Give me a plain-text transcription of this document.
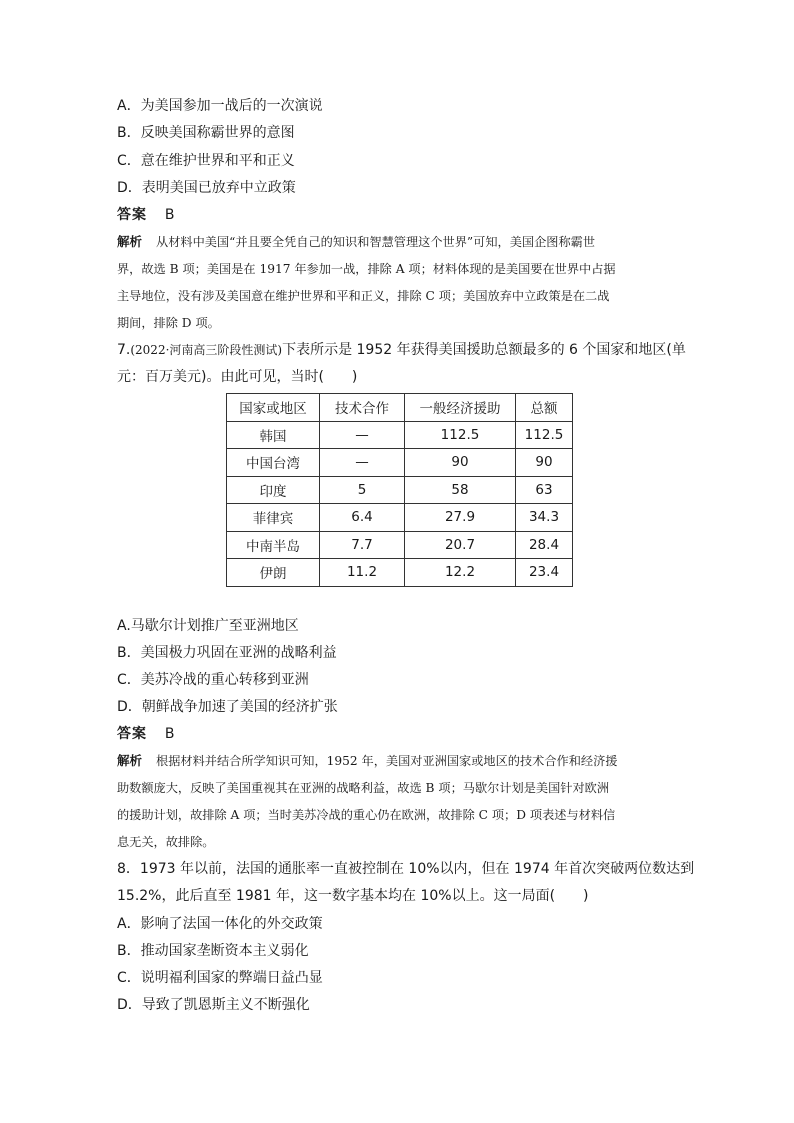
A．为美国参加一战后的一次演说
B．反映美国称霸世界的意图
C．意在维护世界和平和正义
D．表明美国已放弃中立政策
答案 B
解析 从材料中美国“并且要全凭自己的知识和智慧管理这个世界”可知，美国企图称霸世
界，故选 B 项；美国是在 1917 年参加一战，排除 A 项；材料体现的是美国要在世界中占据
主导地位，没有涉及美国意在维护世界和平和正义，排除 C 项；美国放弃中立政策是在二战
期间，排除 D 项。
7.(2022·河南高三阶段性测试)下表所示是 1952 年获得美国援助总额最多的 6 个国家和地区(单
元：百万美元)。由此可见，当时(　　)
国家或地区	技术合作	一般经济援助	总额
韩国	—	112.5	112.5
中国台湾	—	90	90
印度	5	58	63
菲律宾	6.4	27.9	34.3
中南半岛	7.7	20.7	28.4
伊朗	11.2	12.2	23.4
A.马歇尔计划推广至亚洲地区
B．美国极力巩固在亚洲的战略利益
C．美苏冷战的重心转移到亚洲
D．朝鲜战争加速了美国的经济扩张
答案 B
解析 根据材料并结合所学知识可知，1952 年，美国对亚洲国家或地区的技术合作和经济援
助数额庞大，反映了美国重视其在亚洲的战略利益，故选 B 项；马歇尔计划是美国针对欧洲
的援助计划，故排除 A 项；当时美苏冷战的重心仍在欧洲，故排除 C 项；D 项表述与材料信
息无关，故排除。
8．1973 年以前，法国的通胀率一直被控制在 10%以内，但在 1974 年首次突破两位数达到
15.2%，此后直至 1981 年，这一数字基本均在 10%以上。这一局面(　　)
A．影响了法国一体化的外交政策
B．推动国家垄断资本主义弱化
C．说明福利国家的弊端日益凸显
D．导致了凯恩斯主义不断强化
